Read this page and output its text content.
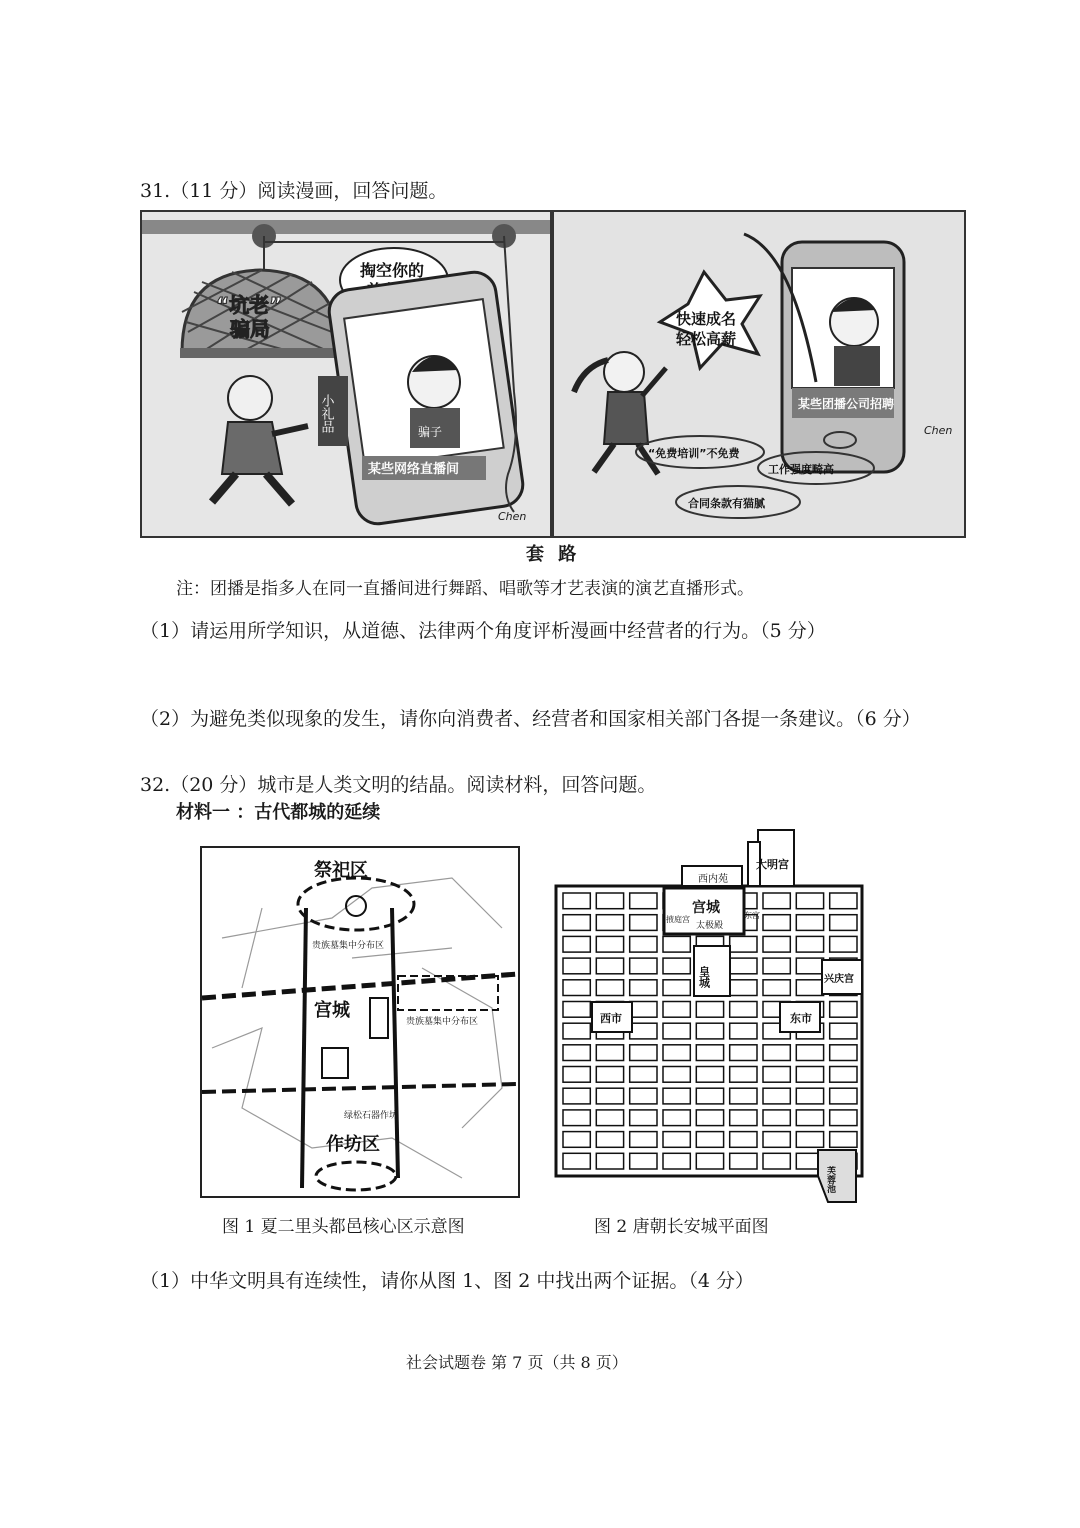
31.（11 分）阅读漫画，回答问题。
“坑老”
骗局
掏空你的
骗子
某些网络直播间
小礼品
Chen
某些团播公司招聘
快速成名
轻松高薪
“免费培训”不免费
工作强度畸高
合同条款有猫腻
Chen
套 路
注：团播是指多人在同一直播间进行舞蹈、唱歌等才艺表演的演艺直播形式。
（1）请运用所学知识，从道德、法律两个角度评析漫画中经营者的行为。（5 分）
（2）为避免类似现象的发生，请你向消费者、经营者和国家相关部门各提一条建议。（6 分）
32.（20 分）城市是人类文明的结晶。阅读材料，回答问题。
材料一 ：古代都城的延续
祭祀区
宫城
作坊区
贵族墓集中分布区
贵族墓集中分布区
绿松石器作坊
大明宫
西内苑
宫城
太极殿
掖庭宫	东宫
皇城
西市	东市
兴庆宫
芙蓉池
图 1 夏二里头都邑核心区示意图	图 2 唐朝长安城平面图
（1）中华文明具有连续性，请你从图 1、图 2 中找出两个证据。（4 分）
社会试题卷 第 7 页（共 8 页）
